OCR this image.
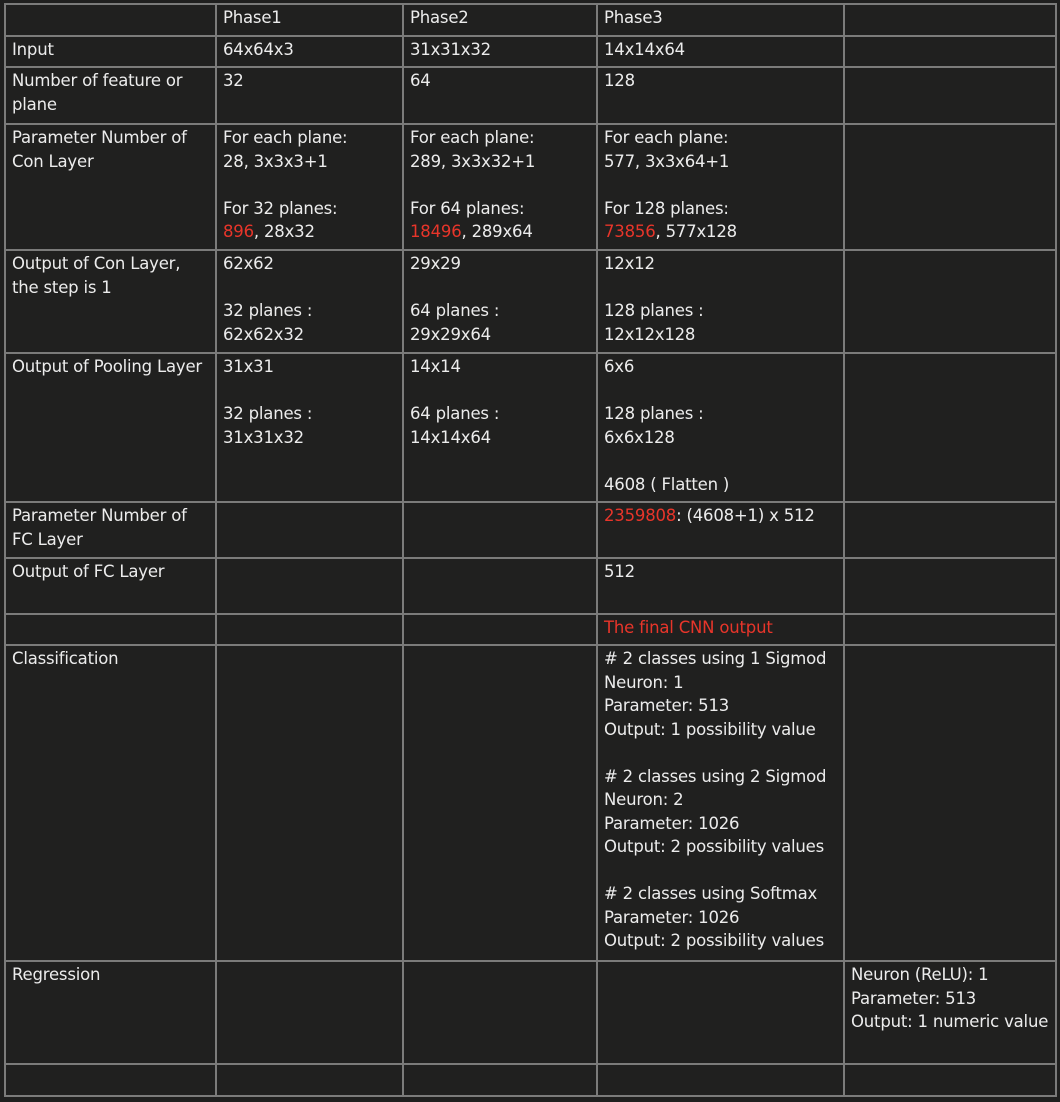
	Phase1	Phase2	Phase3	
Input	64x64x3	31x31x32	14x14x64	
Number of feature or plane	32	64	128	
Parameter Number of Con Layer	For each plane:
28, 3x3x3+1
For 32 planes:
896, 28x32	For each plane:
289, 3x3x32+1
For 64 planes:
18496, 289x64	For each plane:
577, 3x3x64+1
For 128 planes:
73856, 577x128	

Output of Con Layer, the step is 1	62x62
32 planes :
62x62x32	29x29
64 planes :
29x29x64	12x12
128 planes :
12x12x128	

Output of Pooling Layer	31x31
32 planes :
31x31x32	14x14
64 planes :
14x14x64	6x6
128 planes :
6x6x128
4608 ( Flatten )	

Parameter Number of FC Layer			2359808: (4608+1) x 512	
Output of FC Layer			512	
			The final CNN output	
Classification			# 2 classes using 1 Sigmod
Neuron: 1
Parameter: 513
Output: 1 possibility value
# 2 classes using 2 Sigmod
Neuron: 2
Parameter: 1026
Output: 2 possibility values
# 2 classes using Softmax
Parameter: 1026
Output: 2 possibility values

Regression				Neuron (ReLU): 1
Parameter: 513
Output: 1 numeric value
